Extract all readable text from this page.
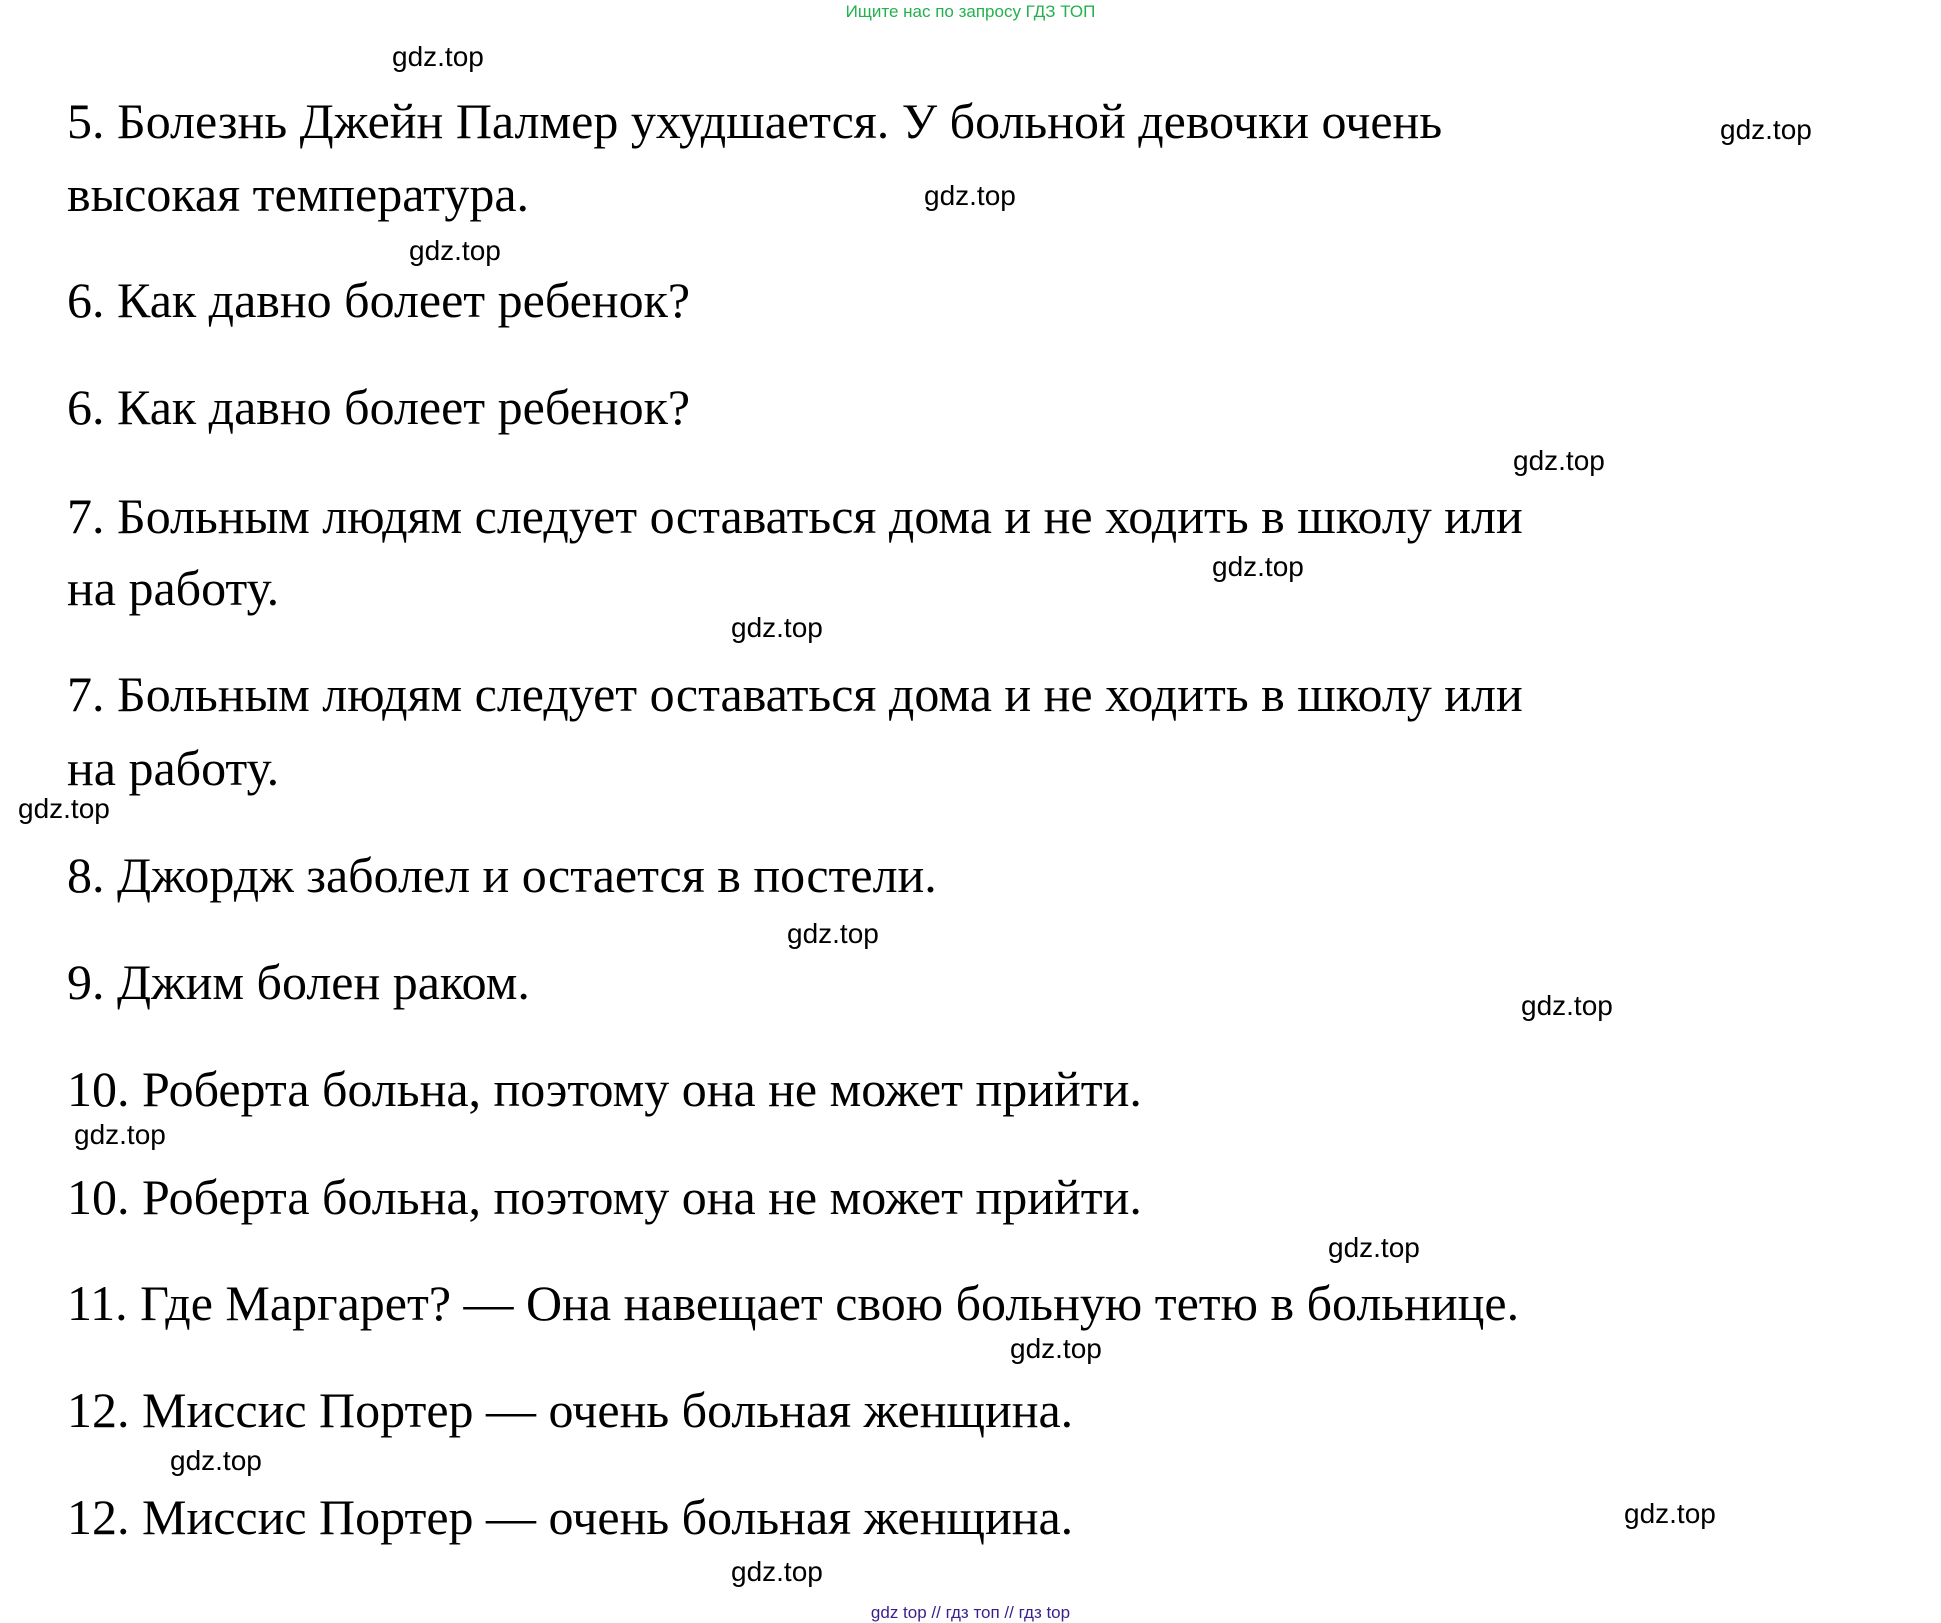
Ищите нас по запросу ГДЗ ТОП
5. Болезнь Джейн Палмер ухудшается. У больной девочки очень
высокая температура.
6. Как давно болеет ребенок?
6. Как давно болеет ребенок?
7. Больным людям следует оставаться дома и не ходить в школу или
на работу.
7. Больным людям следует оставаться дома и не ходить в школу или
на работу.
8. Джордж заболел и остается в постели.
9. Джим болен раком.
10. Роберта больна, поэтому она не может прийти.
10. Роберта больна, поэтому она не может прийти.
11. Где Маргарет? — Она навещает свою больную тетю в больнице.
12. Миссис Портер — очень больная женщина.
12. Миссис Портер — очень больная женщина.
gdz.top
gdz.top
gdz.top
gdz.top
gdz.top
gdz.top
gdz.top
gdz.top
gdz.top
gdz.top
gdz.top
gdz.top
gdz.top
gdz.top
gdz.top
gdz.top
gdz top // гдз топ // гдз top
